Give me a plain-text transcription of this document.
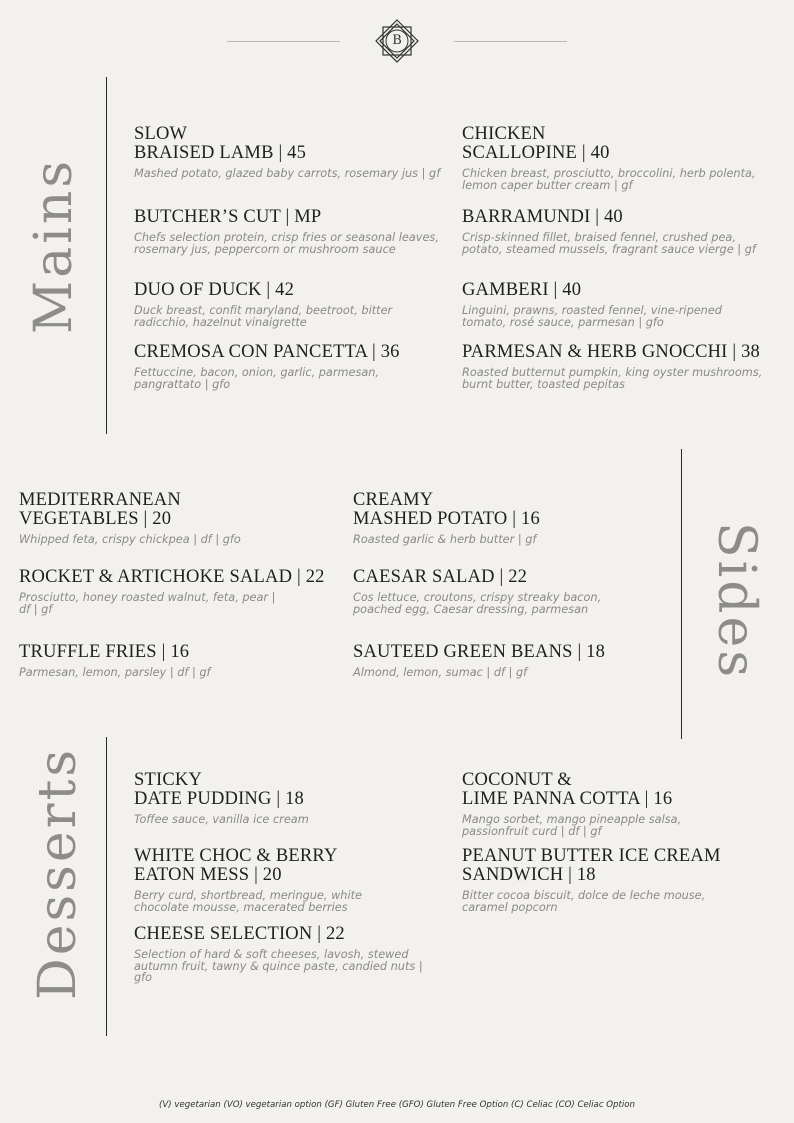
B
Mains
SLOW
BRAISED LAMB | 45
Mashed potato, glazed baby carrots, rosemary jus | gf
CHICKEN
SCALLOPINE | 40
Chicken breast, prosciutto, broccolini, herb polenta, lemon caper butter cream | gf
BUTCHER’S CUT | MP
Chefs selection protein, crisp fries or seasonal leaves, rosemary jus, peppercorn or mushroom sauce
BARRAMUNDI | 40
Crisp-skinned fillet, braised fennel, crushed pea, potato, steamed mussels, fragrant sauce vierge | gf
DUO OF DUCK | 42
Duck breast, confit maryland, beetroot, bitter radicchio, hazelnut vinaigrette
GAMBERI | 40
Linguini, prawns, roasted fennel, vine-ripened tomato, rosé sauce, parmesan | gfo
CREMOSA CON PANCETTA | 36
Fettuccine, bacon, onion, garlic, parmesan, pangrattato | gfo
PARMESAN & HERB GNOCCHI | 38
Roasted butternut pumpkin, king oyster mushrooms, burnt butter, toasted pepitas
Sides
MEDITERRANEAN
VEGETABLES | 20
Whipped feta, crispy chickpea | df | gfo
CREAMY
MASHED POTATO | 16
Roasted garlic & herb butter | gf
ROCKET & ARTICHOKE SALAD | 22
Prosciutto, honey roasted walnut, feta, pear | df | gf
CAESAR SALAD | 22
Cos lettuce, croutons, crispy streaky bacon, poached egg, Caesar dressing, parmesan
TRUFFLE FRIES | 16
Parmesan, lemon, parsley | df | gf
SAUTEED GREEN BEANS | 18
Almond, lemon, sumac | df | gf
Desserts STICKY
DATE PUDDING | 18
Toffee sauce, vanilla ice cream
COCONUT &
LIME PANNA COTTA | 16
Mango sorbet, mango pineapple salsa, passionfruit curd | df | gf
WHITE CHOC & BERRY
EATON MESS | 20
Berry curd, shortbread, meringue, white chocolate mousse, macerated berries
PEANUT BUTTER ICE CREAM
SANDWICH | 18
Bitter cocoa biscuit, dolce de leche mouse, caramel popcorn
CHEESE SELECTION | 22
Selection of hard & soft cheeses, lavosh, stewed autumn fruit, tawny & quince paste, candied nuts | gfo
(V) vegetarian (VO) vegetarian option (GF) Gluten Free (GFO) Gluten Free Option (C) Celiac (CO) Celiac Option
